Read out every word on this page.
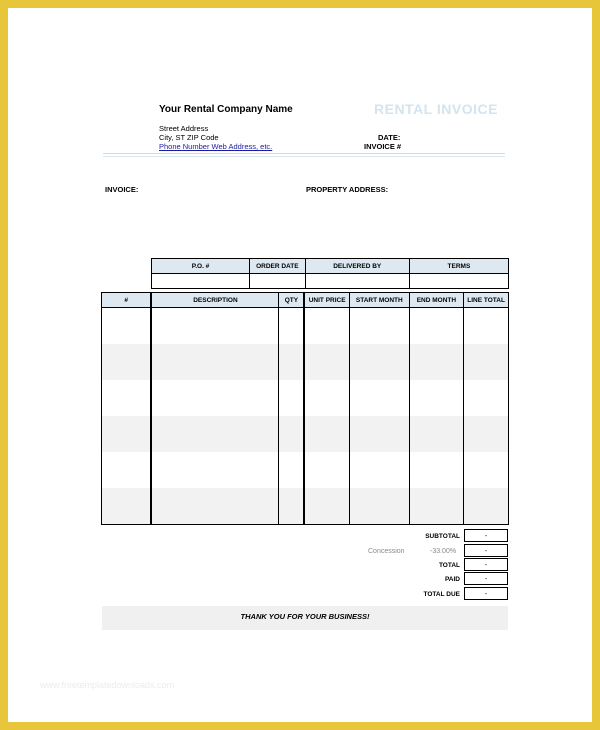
Your Rental Company Name	RENTAL INVOICE
Street Address
City, ST ZIP Code
Phone Number Web Address, etc.
DATE:
INVOICE #
INVOICE:	PROPERTY ADDRESS:
P.O. #	ORDER DATE	DELIVERED BY	TERMS

#	DESCRIPTION	QTY	UNIT PRICE	START MONTH	END MONTH	LINE TOTAL

SUBTOTAL	-
Concession	-33.00%	-
TOTAL	-
PAID	-
TOTAL DUE	-
THANK YOU FOR YOUR BUSINESS!
www.freetemplatedownloads.com
